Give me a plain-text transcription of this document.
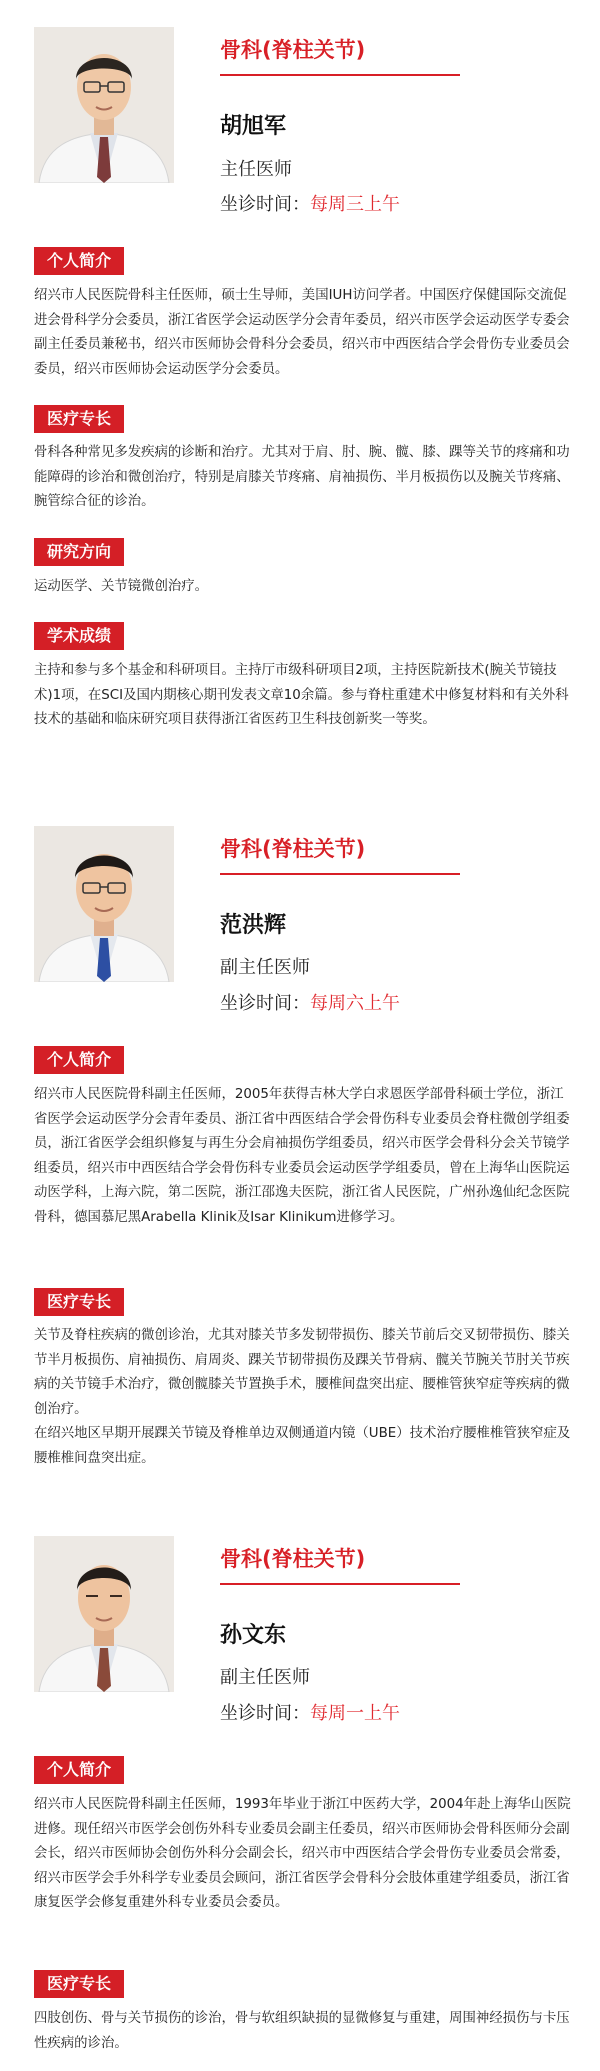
骨科(脊柱关节)
胡旭军
主任医师
坐诊时间：每周三上午
个人简介

绍兴市人民医院骨科主任医师，硕士生导师，美国IUH访问学者。中国医疗保健国际交流促进会骨科学分会委员，浙江省医学会运动医学分会青年委员，绍兴市医学会运动医学专委会副主任委员兼秘书，绍兴市医师协会骨科分会委员，绍兴市中西医结合学会骨伤专业委员会委员，绍兴市医师协会运动医学分会委员。

医疗专长

骨科各种常见多发疾病的诊断和治疗。尤其对于肩、肘、腕、髋、膝、踝等关节的疼痛和功能障碍的诊治和微创治疗，特别是肩膝关节疼痛、肩袖损伤、半月板损伤以及腕关节疼痛、腕管综合征的诊治。

研究方向

运动医学、关节镜微创治疗。

学术成绩

主持和参与多个基金和科研项目。主持厅市级科研项目2项，主持医院新技术(腕关节镜技术)1项，在SCI及国内期核心期刊发表文章10余篇。参与脊柱重建术中修复材料和有关外科技术的基础和临床研究项目获得浙江省医药卫生科技创新奖一等奖。

骨科(脊柱关节)
范洪辉
副主任医师
坐诊时间：每周六上午
个人简介

绍兴市人民医院骨科副主任医师，2005年获得吉林大学白求恩医学部骨科硕士学位，浙江省医学会运动医学分会青年委员、浙江省中西医结合学会骨伤科专业委员会脊柱微创学组委员，浙江省医学会组织修复与再生分会肩袖损伤学组委员，绍兴市医学会骨科分会关节镜学组委员，绍兴市中西医结合学会骨伤科专业委员会运动医学学组委员，曾在上海华山医院运动医学科，上海六院，第二医院，浙江邵逸夫医院，浙江省人民医院，广州孙逸仙纪念医院骨科，德国慕尼黑Arabella Klinik及Isar Klinikum进修学习。

医疗专长

关节及脊柱疾病的微创诊治，尤其对膝关节多发韧带损伤、膝关节前后交叉韧带损伤、膝关节半月板损伤、肩袖损伤、肩周炎、踝关节韧带损伤及踝关节骨病、髋关节腕关节肘关节疾病的关节镜手术治疗，微创髋膝关节置换手术，腰椎间盘突出症、腰椎管狭窄症等疾病的微创治疗。

在绍兴地区早期开展踝关节镜及脊椎单边双侧通道内镜（UBE）技术治疗腰椎椎管狭窄症及腰椎椎间盘突出症。

骨科(脊柱关节)
孙文东
副主任医师
坐诊时间：每周一上午
个人简介

绍兴市人民医院骨科副主任医师，1993年毕业于浙江中医药大学，2004年赴上海华山医院进修。现任绍兴市医学会创伤外科专业委员会副主任委员，绍兴市医师协会骨科医师分会副会长，绍兴市医师协会创伤外科分会副会长，绍兴市中西医结合学会骨伤专业委员会常委，绍兴市医学会手外科学专业委员会顾问，浙江省医学会骨科分会肢体重建学组委员，浙江省康复医学会修复重建外科专业委员会委员。

医疗专长

四肢创伤、骨与关节损伤的诊治，骨与软组织缺损的显微修复与重建，周围神经损伤与卡压性疾病的诊治。
